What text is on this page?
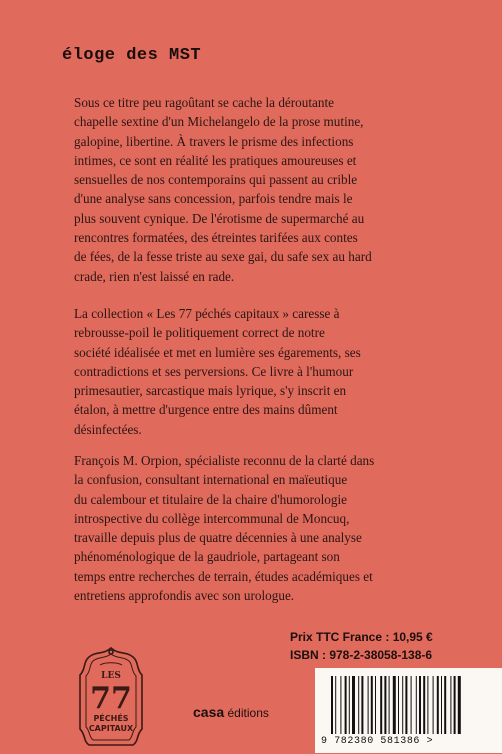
éloge des MST
Sous ce titre peu ragoûtant se cache la déroutante
chapelle sextine d'un Michelangelo de la prose mutine,
galopine, libertine. À travers le prisme des infections
intimes, ce sont en réalité les pratiques amoureuses et
sensuelles de nos contemporains qui passent au crible
d'une analyse sans concession, parfois tendre mais le
plus souvent cynique. De l'érotisme de supermarché au
rencontres formatées, des étreintes tarifées aux contes
de fées, de la fesse triste au sexe gai, du safe sex au hard
crade, rien n'est laissé en rade.
La collection « Les 77 péchés capitaux » caresse à
rebrousse-poil le politiquement correct de notre
société idéalisée et met en lumière ses égarements, ses
contradictions et ses perversions. Ce livre à l'humour
primesautier, sarcastique mais lyrique, s'y inscrit en
étalon, à mettre d'urgence entre des mains dûment
désinfectées.
François M. Orpion, spécialiste reconnu de la clarté dans
la confusion, consultant international en maïeutique
du calembour et titulaire de la chaire d'humorologie
introspective du collège intercommunal de Moncuq,
travaille depuis plus de quatre décennies à une analyse
phénoménologique de la gaudriole, partageant son
temps entre recherches de terrain, études académiques et
entretiens approfondis avec son urologue.
Prix TTC France : 10,95 €
ISBN : 978-2-38058-138-6
LES
77
PÉCHÉS
CAPITAUX
casa éditions
9 782380 581386 >
